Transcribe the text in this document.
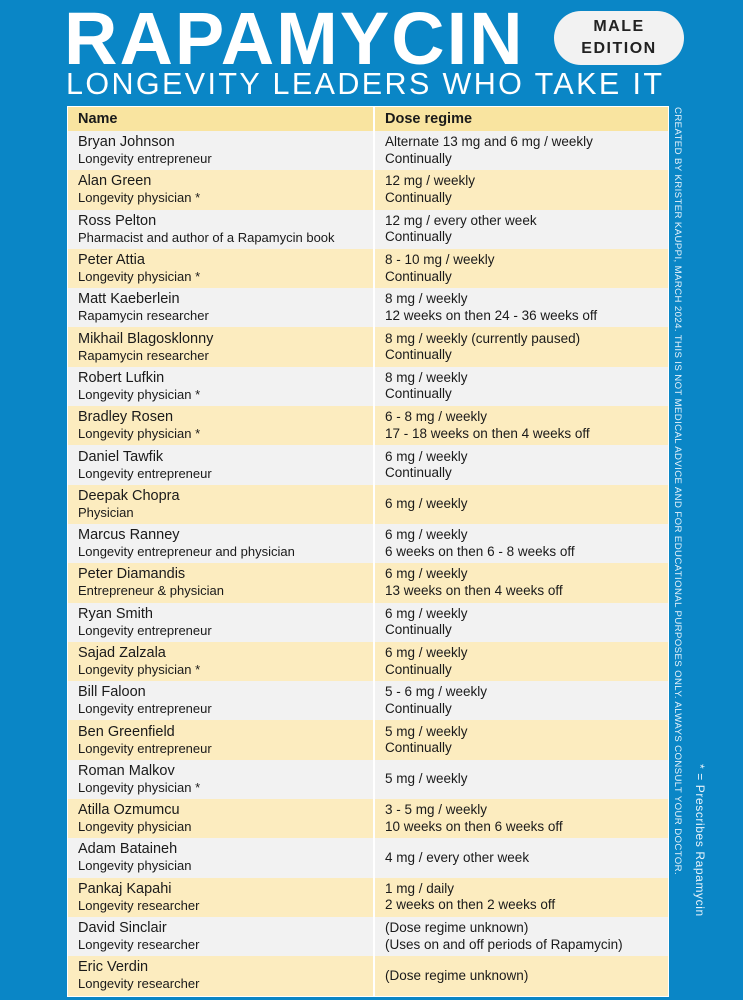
RAPAMYCIN	MALE
EDITION
LONGEVITY LEADERS WHO TAKE IT
Name	Dose regime
Bryan Johnson
Longevity entrepreneur
Alternate 13 mg and 6 mg / weekly
Continually
Alan Green
Longevity physician *
12 mg / weekly
Continually
Ross Pelton
Pharmacist and author of a Rapamycin book
12 mg / every other week
Continually
Peter Attia
Longevity physician *
8 - 10 mg / weekly
Continually
Matt Kaeberlein
Rapamycin researcher
8 mg / weekly
12 weeks on then 24 - 36 weeks off
Mikhail Blagosklonny
Rapamycin researcher
8 mg / weekly (currently paused)
Continually
Robert Lufkin
Longevity physician *
8 mg / weekly
Continually
Bradley Rosen
Longevity physician *
6 - 8 mg / weekly
17 - 18 weeks on then 4 weeks off
Daniel Tawfik
Longevity entrepreneur
6 mg / weekly
Continually
Deepak Chopra
Physician
6 mg / weekly
Marcus Ranney
Longevity entrepreneur and physician
6 mg / weekly
6 weeks on then 6 - 8 weeks off
Peter Diamandis
Entrepreneur & physician
6 mg / weekly
13 weeks on then 4 weeks off
Ryan Smith
Longevity entrepreneur
6 mg / weekly
Continually
Sajad Zalzala
Longevity physician *
6 mg / weekly
Continually
Bill Faloon
Longevity entrepreneur
5 - 6 mg / weekly
Continually
Ben Greenfield
Longevity entrepreneur
5 mg / weekly
Continually
Roman Malkov
Longevity physician *
5 mg / weekly
Atilla Ozmumcu
Longevity physician
3 - 5 mg / weekly
10 weeks on then 6 weeks off
Adam Bataineh
Longevity physician
4 mg / every other week
Pankaj Kapahi
Longevity researcher
1 mg / daily
2 weeks on then 2 weeks off
David Sinclair
Longevity researcher
(Dose regime unknown)
(Uses on and off periods of Rapamycin)
Eric Verdin
Longevity researcher
(Dose regime unknown)
CREATED BY KRISTER KAUPPI, MARCH 2024. THIS IS NOT MEDICAL ADVICE AND FOR EDUCATIONAL PURPOSES ONLY. ALWAYS CONSULT YOUR DOCTOR. * = Prescribes Rapamycin
